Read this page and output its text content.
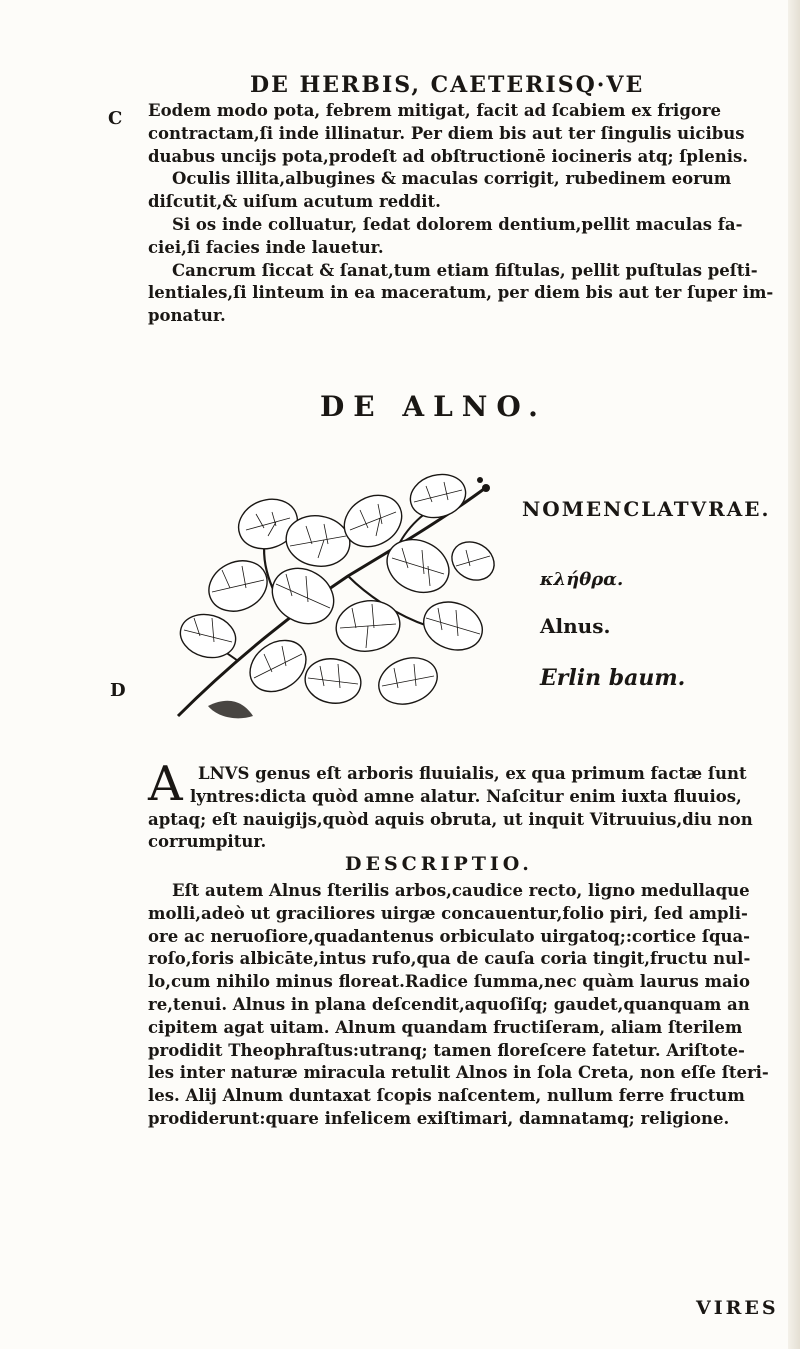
DE HERBIS, CAETERISQ·VE
C
D
Eodem modo pota, febrem mitigat, facit ad ſcabiem ex frigore
contractam,ſi inde illinatur. Per diem bis aut ter ſingulis uicibus
duabus uncijs pota,prodeſt ad obſtructionē iocineris atq; ſplenis.
Oculis illita,albugines & maculas corrigit, rubedinem eorum
diſcutit,& uiſum acutum reddit.
Si os inde colluatur, ſedat dolorem dentium,pellit maculas fa-
ciei,ſi facies inde lauetur.
Cancrum ſiccat & ſanat,tum etiam fiſtulas, pellit puſtulas peſti-
lentiales,ſi linteum in ea maceratum, per diem bis aut ter ſuper im-
ponatur.
DE ALNO.
NOMENCLATVRAE.
κλήθρα.
Alnus.
Erlin baum.
A LNVS genus eſt arboris fluuialis, ex qua primum factæ ſunt
lyntres:dicta quòd amne alatur. Naſcitur enim iuxta fluuios,
aptaq; eſt nauigijs,quòd aquis obruta, ut inquit Vitruuius,diu non
corrumpitur.
DESCRIPTIO.
Eſt autem Alnus ſterilis arbos,caudice recto, ligno medullaque
molli,adeò ut graciliores uirgæ concauentur,folio piri, ſed ampli-
ore ac neruoſiore,quadantenus orbiculato uirgatoq;:cortice ſqua-
roſo,foris albicāte,intus rufo,qua de cauſa coria tingit,fructu nul-
lo,cum nihilo minus floreat.Radice ſumma,nec quàm laurus maio
re,tenui. Alnus in plana deſcendit,aquoſiſq; gaudet,quanquam an
cipitem agat uitam. Alnum quandam fructiſeram, aliam ſterilem
prodidit Theophraſtus:utranq; tamen floreſcere fatetur. Ariſtote-
les inter naturæ miracula retulit Alnos in ſola Creta, non eſſe ſteri-
les. Alij Alnum duntaxat ſcopis naſcentem, nullum ferre fructum
prodiderunt:quare infelicem exiſtimari, damnatamq; religione.
VIRES
